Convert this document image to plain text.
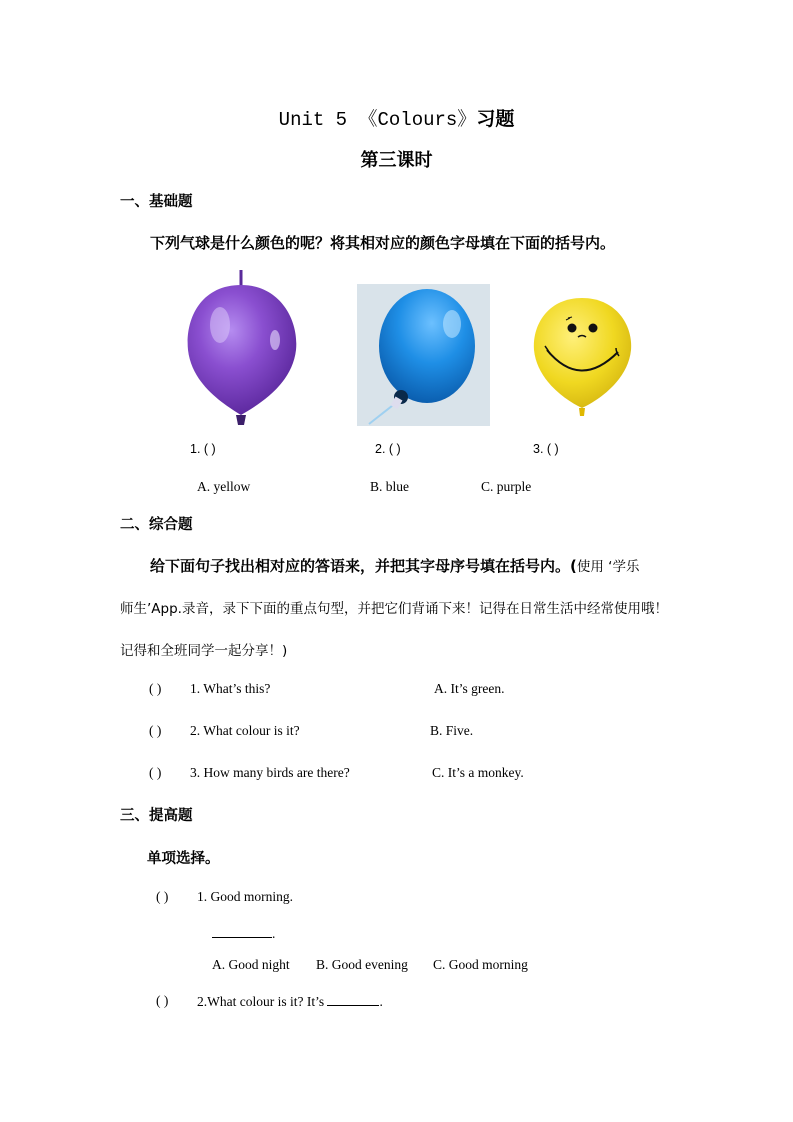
Unit 5 《Colours》习题
第三课时
一、基础题
下列气球是什么颜色的呢？将其相对应的颜色字母填在下面的括号内。
1. ( )	2. ( )	3. ( )
A. yellow	B. blue	C. purple
二、综合题
给下面句子找出相对应的答语来，并把其字母序号填在括号内。(使用 ‘学乐
师生’App.录音，录下下面的重点句型，并把它们背诵下来！记得在日常生活中经常使用哦！
记得和全班同学一起分享！)
( ) 1. What’s this?	A. It’s green.
( ) 2. What colour is it?	B. Five.
( ) 3. How many birds are there?	C. It’s a monkey.
三、提高题
单项选择。
( ) 1. Good morning.
.
A. Good night B. Good evening C. Good morning
( ) 2.What colour is it? It’s	.
